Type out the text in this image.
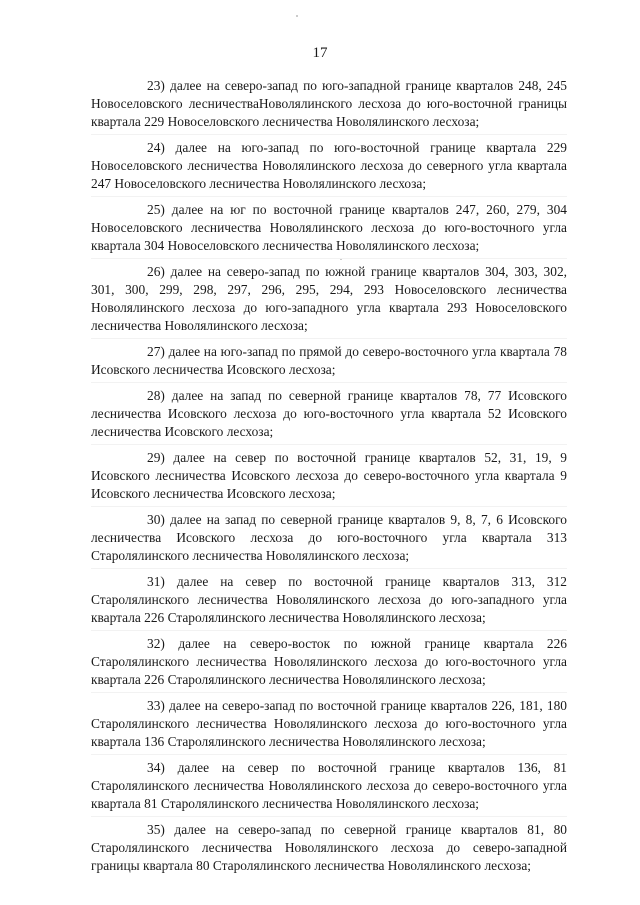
17

23) далее на северо-запад по юго-западной границе кварталов 248, 245 Новоселовского лесничестваНоволялинского лесхоза до юго-восточной границы квартала 229 Новоселовского лесничества Новолялинского лесхоза;

24) далее на юго-запад по юго-восточной границе квартала 229 Новоселовского лесничества Новолялинского лесхоза до северного угла квартала 247 Новоселовского лесничества Новолялинского лесхоза;

25) далее на юг по восточной границе кварталов 247, 260, 279, 304 Новоселовского лесничества Новолялинского лесхоза до юго-восточного угла квартала 304 Новоселовского лесничества Новолялинского лесхоза;

26) далее на северо-запад по южной границе кварталов 304, 303, 302, 301, 300, 299, 298, 297, 296, 295, 294, 293 Новоселовского лесничества Новолялинского лесхоза до юго-западного угла квартала 293 Новоселовского лесничества Новолялинского лесхоза;

27) далее на юго-запад по прямой до северо-восточного угла квартала 78 Исовского лесничества Исовского лесхоза;

28) далее на запад по северной границе кварталов 78, 77 Исовского лесничества Исовского лесхоза до юго-восточного угла квартала 52 Исовского лесничества Исовского лесхоза;

29) далее на север по восточной границе кварталов 52, 31, 19, 9 Исовского лесничества Исовского лесхоза до северо-восточного угла квартала 9 Исовского лесничества Исовского лесхоза;

30) далее на запад по северной границе кварталов 9, 8, 7, 6 Исовского лесничества Исовского лесхоза до юго-восточного угла квартала 313 Старолялинского лесничества Новолялинского лесхоза;

31) далее на север по восточной границе кварталов 313, 312 Старолялинского лесничества Новолялинского лесхоза до юго-западного угла квартала 226 Старолялинского лесничества Новолялинского лесхоза;

32) далее на северо-восток по южной границе квартала 226 Старолялинского лесничества Новолялинского лесхоза до юго-восточного угла квартала 226 Старолялинского лесничества Новолялинского лесхоза;

33) далее на северо-запад по восточной границе кварталов 226, 181, 180 Старолялинского лесничества Новолялинского лесхоза до юго-восточного угла квартала 136 Старолялинского лесничества Новолялинского лесхоза;

34) далее на север по восточной границе кварталов 136, 81 Старолялинского лесничества Новолялинского лесхоза до северо-восточного угла квартала 81 Старолялинского лесничества Новолялинского лесхоза;

35) далее на северо-запад по северной границе кварталов 81, 80 Старолялинского лесничества Новолялинского лесхоза до северо-западной границы квартала 80 Старолялинского лесничества Новолялинского лесхоза;
